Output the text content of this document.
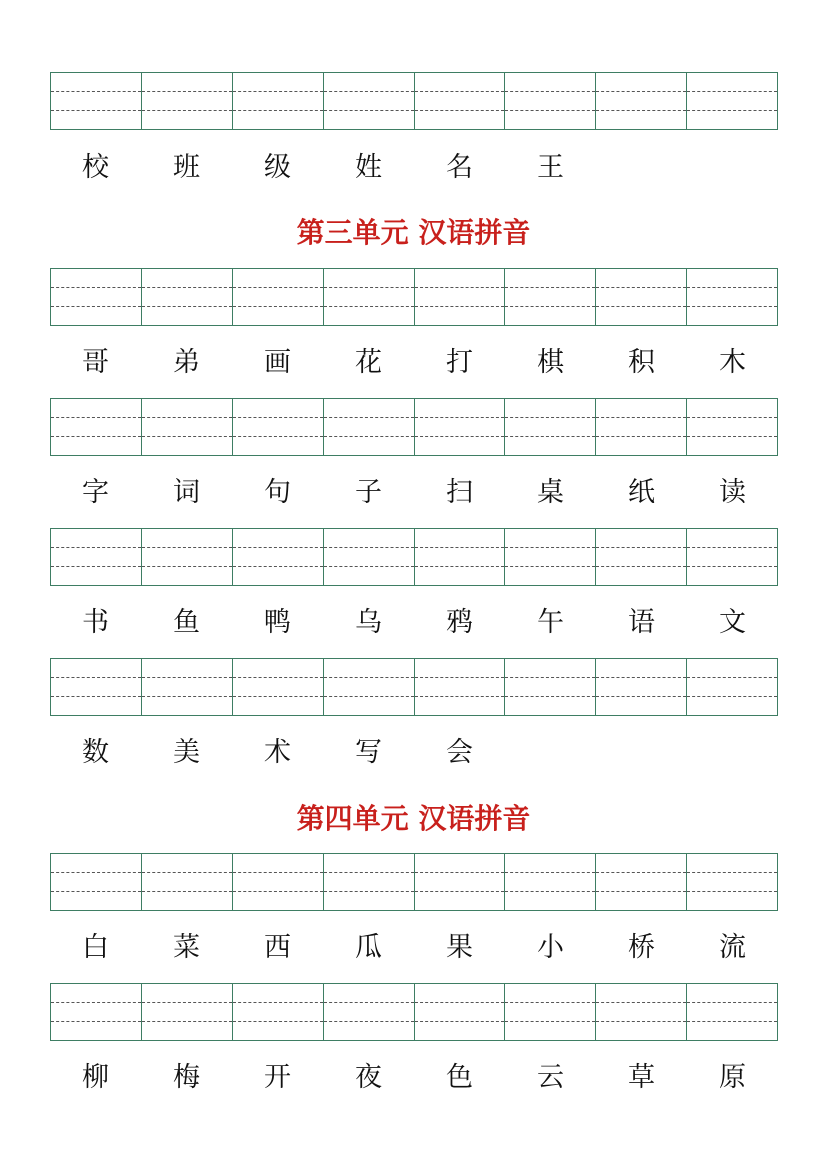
校	班	级	姓	名	王
第三单元 汉语拼音
哥	弟	画	花	打	棋	积	木
字	词	句	子	扫	桌	纸	读
书	鱼	鸭	乌	鸦	午	语	文
数	美	术	写	会
第四单元 汉语拼音
白	菜	西	瓜	果	小	桥	流
柳	梅	开	夜	色	云	草	原
